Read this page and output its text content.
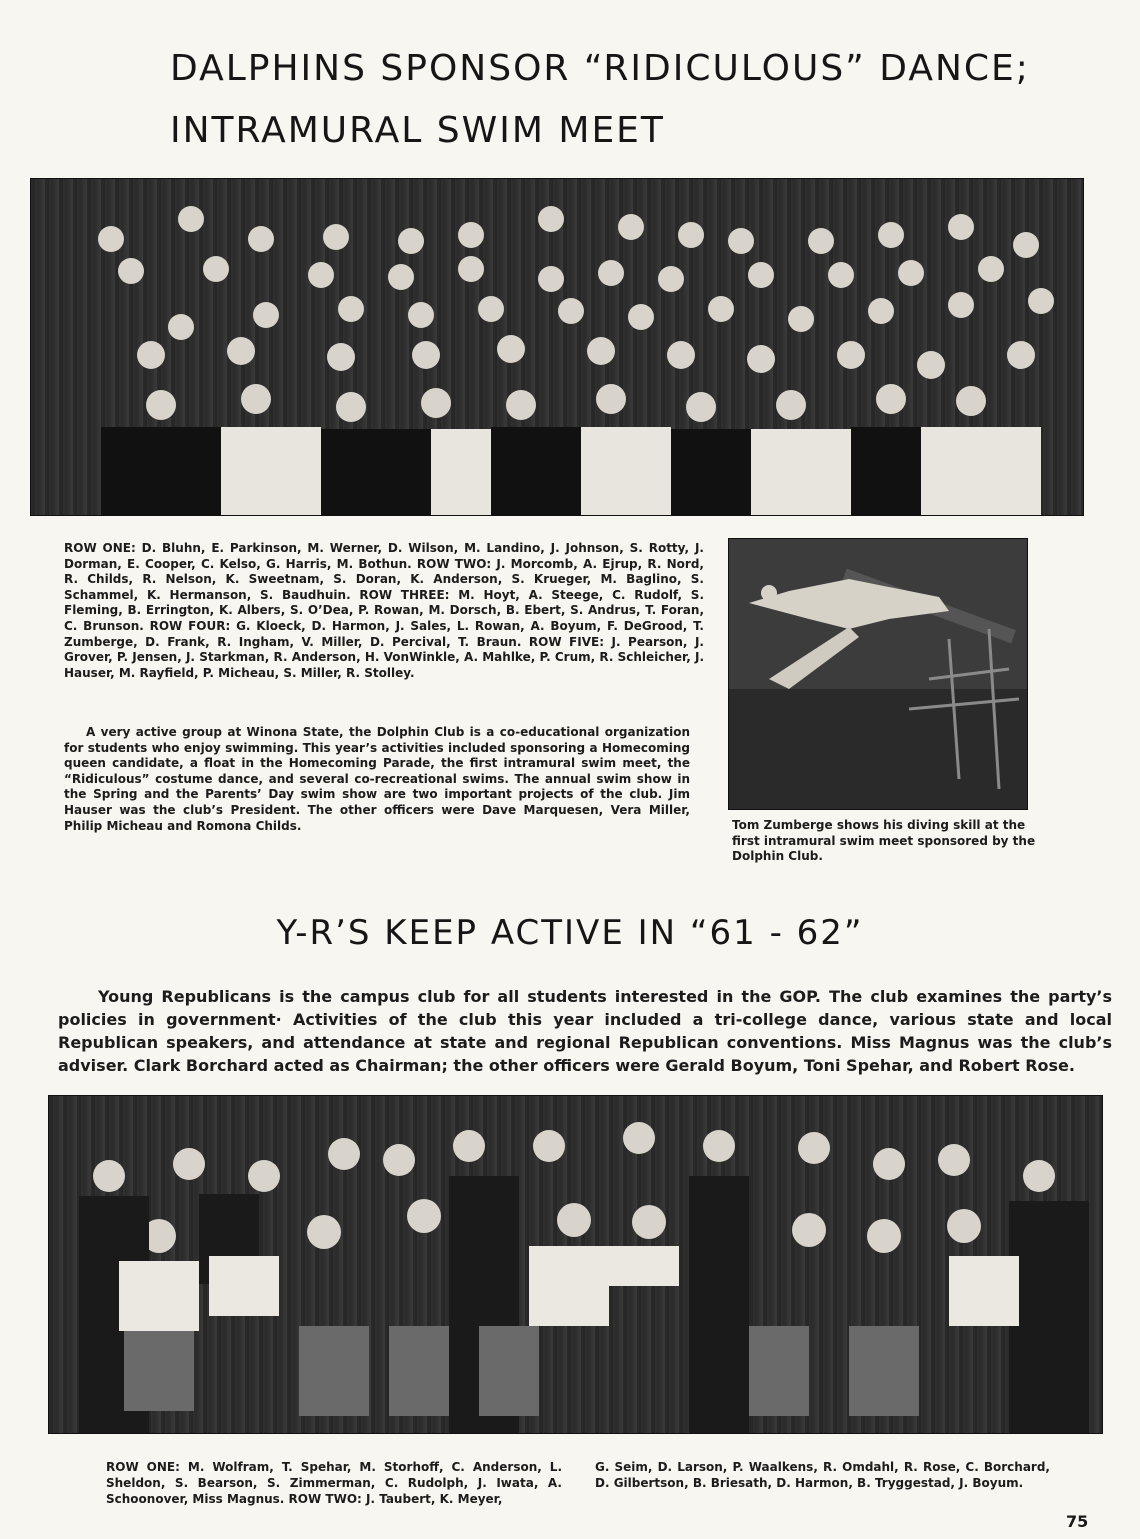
DALPHINS SPONSOR “RIDICULOUS” DANCE;
INTRAMURAL SWIM MEET

ROW ONE: D. Bluhn, E. Parkinson, M. Werner, D. Wilson, M. Landino, J. Johnson, S. Rotty, J. Dorman, E. Cooper, C. Kelso, G. Harris, M. Bothun. ROW TWO: J. Morcomb, A. Ejrup, R. Nord, R. Childs, R. Nelson, K. Sweetnam, S. Doran, K. Anderson, S. Krueger, M. Baglino, S. Schammel, K. Hermanson, S. Baudhuin. ROW THREE: M. Hoyt, A. Steege, C. Rudolf, S. Fleming, B. Errington, K. Albers, S. O’Dea, P. Rowan, M. Dorsch, B. Ebert, S. Andrus, T. Foran, C. Brunson. ROW FOUR: G. Kloeck, D. Harmon, J. Sales, L. Rowan, A. Boyum, F. DeGrood, T. Zumberge, D. Frank, R. Ingham, V. Miller, D. Percival, T. Braun. ROW FIVE: J. Pearson, J. Grover, P. Jensen, J. Starkman, R. Anderson, H. VonWinkle, A. Mahlke, P. Crum, R. Schleicher, J. Hauser, M. Rayfield, P. Micheau, S. Miller, R. Stolley.

A very active group at Winona State, the Dolphin Club is a co-educational organization for students who enjoy swimming. This year’s activities included sponsoring a Homecoming queen candidate, a float in the Homecoming Parade, the first intramural swim meet, the “Ridiculous” costume dance, and several co-recreational swims. The annual swim show in the Spring and the Parents’ Day swim show are two important projects of the club. Jim Hauser was the club’s President. The other officers were Dave Marquesen, Vera Miller, Philip Micheau and Romona Childs.	Tom Zumberge shows his diving skill at the first intramural swim meet sponsored by the Dolphin Club.

Y-R’S KEEP ACTIVE IN “61 - 62”

Young Republicans is the campus club for all students interested in the GOP. The club examines the party’s policies in government· Activities of the club this year included a tri-college dance, various state and local Republican speakers, and attendance at state and regional Republican conventions. Miss Magnus was the club’s adviser. Clark Borchard acted as Chairman; the other officers were Gerald Boyum, Toni Spehar, and Robert Rose.

ROW ONE: M. Wolfram, T. Spehar, M. Storhoff, C. Anderson, L. Sheldon, S. Bearson, S. Zimmerman, C. Rudolph, J. Iwata, A. Schoonover, Miss Magnus. ROW TWO: J. Taubert, K. Meyer,

G. Seim, D. Larson, P. Waalkens, R. Omdahl, R. Rose, C. Borchard, D. Gilbertson, B. Briesath, D. Harmon, B. Tryggestad, J. Boyum.

75
